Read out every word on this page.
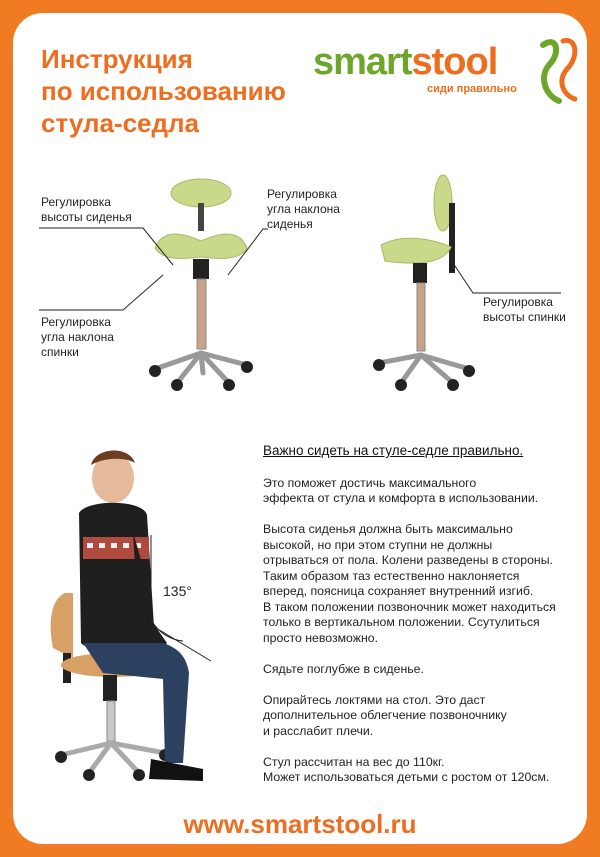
Инструкция
по использованию
стула-седла
smartstool
сиди правильно
Регулировка
высоты сиденья
Регулировка
угла наклона
сиденья
Регулировка
угла наклона
спинки
Регулировка
высоты спинки
135°
Важно сидеть на стуле-седле правильно.

Это поможет достичь максимального
эффекта от стула и комфорта в использовании.

Высота сиденья должна быть максимально
высокой, но при этом ступни не должны
отрываться от пола. Колени разведены в стороны.
Таким образом таз естественно наклоняется
вперед, поясница сохраняет внутренний изгиб.
В таком положении позвоночник может находиться
только в вертикальном положении. Ссутулиться
просто невозможно.

Сядьте поглубже в сиденье.

Опирайтесь локтями на стол. Это даст
дополнительное облегчение позвоночнику
и расслабит плечи.

Стул рассчитан на вес до 110кг.
Может использоваться детьми с ростом от 120см.

www.smartstool.ru
